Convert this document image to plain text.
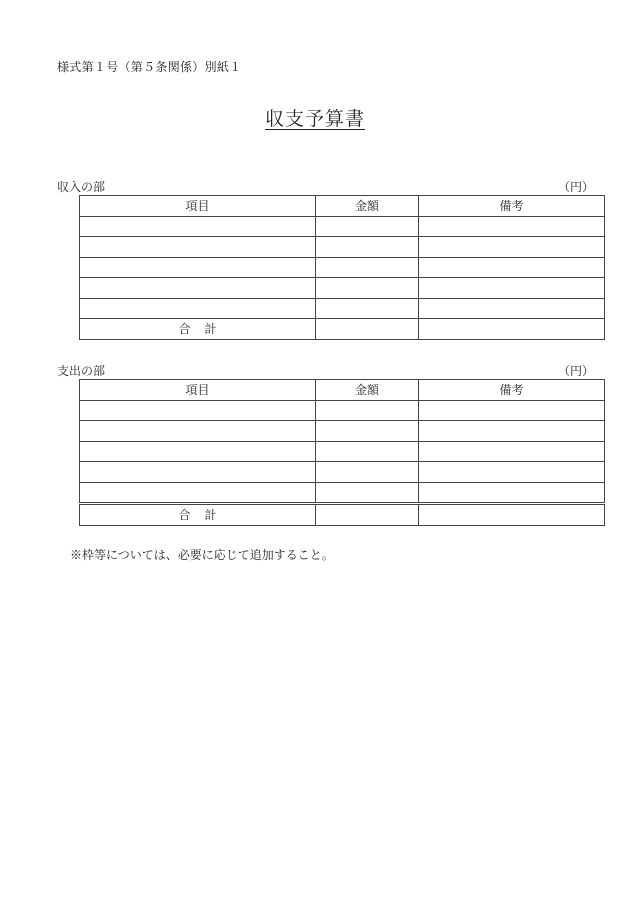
様式第１号（第５条関係）別紙１
収支予算書
収入の部	（円）
項目	金額	備考

合計		
支出の部	（円）
項目	金額	備考

合計		
※枠等については、必要に応じて追加すること。
